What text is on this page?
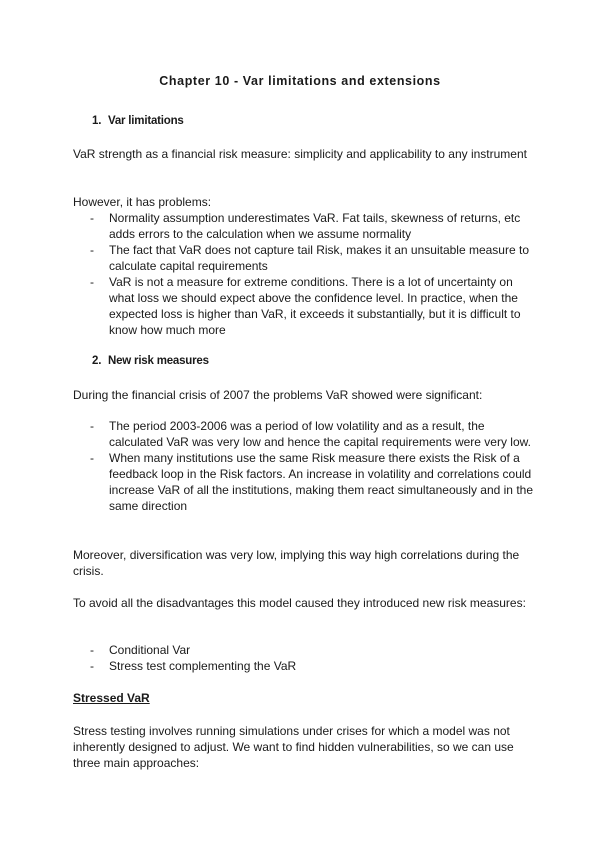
Chapter 10 - Var limitations and extensions
1. Var limitations
VaR strength as a financial risk measure: simplicity and applicability to any instrument
However, it has problems:
- Normality assumption underestimates VaR. Fat tails, skewness of returns, etc adds errors to the calculation when we assume normality
- The fact that VaR does not capture tail Risk, makes it an unsuitable measure to calculate capital requirements
- VaR is not a measure for extreme conditions. There is a lot of uncertainty on what loss we should expect above the confidence level. In practice, when the expected loss is higher than VaR, it exceeds it substantially, but it is difficult to know how much more
2. New risk measures
During the financial crisis of 2007 the problems VaR showed were significant:
- The period 2003-2006 was a period of low volatility and as a result, the calculated VaR was very low and hence the capital requirements were very low.
- When many institutions use the same Risk measure there exists the Risk of a feedback loop in the Risk factors. An increase in volatility and correlations could increase VaR of all the institutions, making them react simultaneously and in the same direction
Moreover, diversification was very low, implying this way high correlations during the crisis.
To avoid all the disadvantages this model caused they introduced new risk measures:
- Conditional Var
- Stress test complementing the VaR
Stressed VaR
Stress testing involves running simulations under crises for which a model was not inherently designed to adjust. We want to find hidden vulnerabilities, so we can use three main approaches:
